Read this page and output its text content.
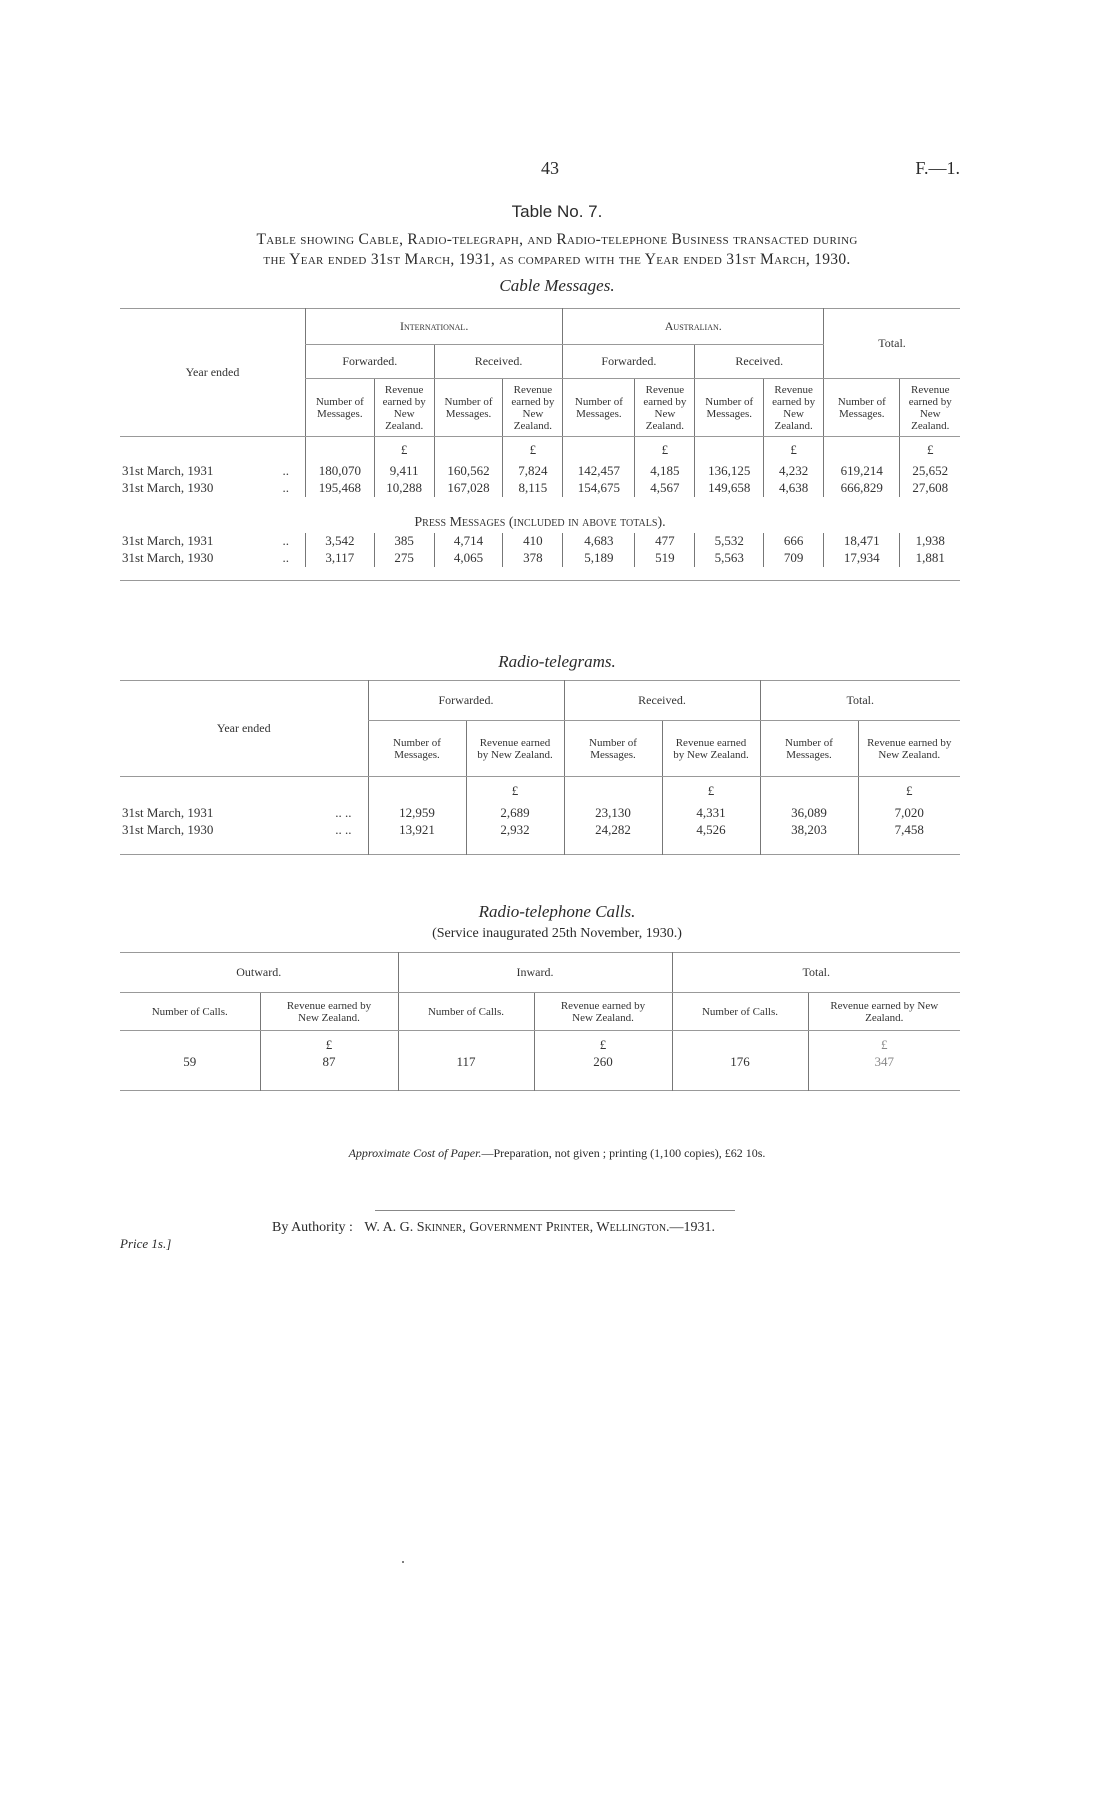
43	F.—1.
Table No. 7.
Table showing Cable, Radio-telegraph, and Radio-telephone Business transacted during
the Year ended 31st March, 1931, as compared with the Year ended 31st March, 1930.
Cable Messages.
Year ended	International.				Australian.				Total.	
	Forwarded.		Received.		Forwarded.		Received.			
	Number of Messages.	Revenue earned by New Zealand.	Number of Messages.	Revenue earned by New Zealand.	Number of Messages.	Revenue earned by New Zealand.	Number of Messages.	Revenue earned by New Zealand.	Number of Messages.	Revenue earned by New Zealand.
		£		£		£		£		£
31st March, 1931 ..	180,070	9,411	160,562	7,824	142,457	4,185	136,125	4,232	619,214	25,652
31st March, 1930 ..	195,468	10,288	167,028	8,115	154,675	4,567	149,658	4,638	666,829	27,608
Press Messages (included in above totals).										
31st March, 1931 ..	3,542	385	4,714	410	4,683	477	5,532	666	18,471	1,938
31st March, 1930 ..	3,117	275	4,065	378	5,189	519	5,563	709	17,934	1,881

Radio-telegrams.
Year ended	Forwarded.		Received.		Total.	
	Number of Messages.	Revenue earned by New Zealand.	Number of Messages.	Revenue earned by New Zealand.	Number of Messages.	Revenue earned by New Zealand.
		£		£		£
31st March, 1931 .. ..	12,959	2,689	23,130	4,331	36,089	7,020
31st March, 1930 .. ..	13,921	2,932	24,282	4,526	38,203	7,458

Radio-telephone Calls.
(Service inaugurated 25th November, 1930.)
Outward.		Inward.		Total.	
Number of Calls.	Revenue earned by New Zealand.	Number of Calls.	Revenue earned by New Zealand.	Number of Calls.	Revenue earned by New Zealand.
	£		£		£
59	87	117	260	176	347

Approximate Cost of Paper.—Preparation, not given ; printing (1,100 copies), £62 10s.
By Authority : W. A. G. Skinner, Government Printer, Wellington.—1931.
Price 1s.]
